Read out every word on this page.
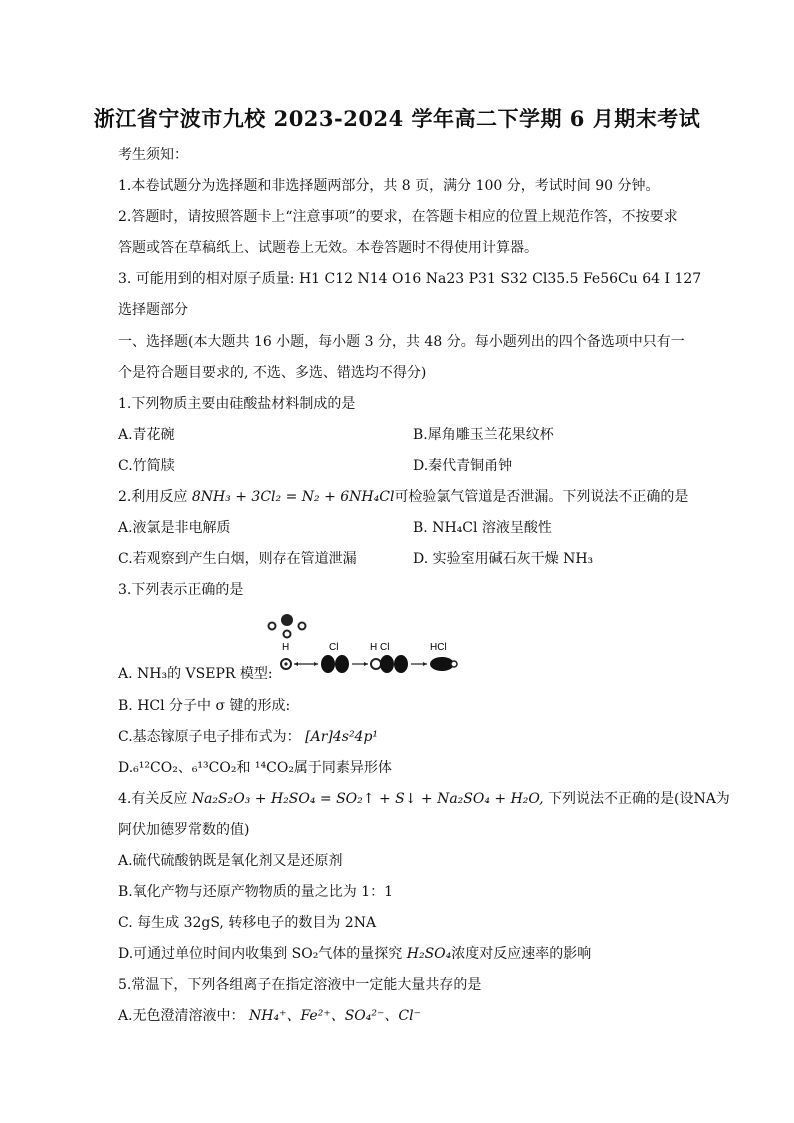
浙江省宁波市九校 2023-2024 学年高二下学期 6 月期末考试
考生须知：
1.本卷试题分为选择题和非选择题两部分，共 8 页，满分 100 分，考试时间 90 分钟。
2.答题时，请按照答题卡上“注意事项”的要求，在答题卡相应的位置上规范作答，不按要求
答题或答在草稿纸上、试题卷上无效。本卷答题时不得使用计算器。
3. 可能用到的相对原子质量: H1 C12 N14 O16 Na23 P31 S32 Cl35.5 Fe56Cu 64 I 127
选择题部分
一、选择题(本大题共 16 小题，每小题 3 分，共 48 分。每小题列出的四个备选项中只有一
个是符合题目要求的, 不选、多选、错选均不得分)
1.下列物质主要由硅酸盐材料制成的是
A.青花碗	B.犀角雕玉兰花果纹杯
C.竹简牍	D.秦代青铜甬钟
2.利用反应 8NH₃ + 3Cl₂ = N₂ + 6NH₄Cl可检验氯气管道是否泄漏。下列说法不正确的是
A.液氯是非电解质	B. NH₄Cl 溶液呈酸性
C.若观察到产生白烟，则存在管道泄漏	D. 实验室用碱石灰干燥 NH₃
3.下列表示正确的是
H	Cl	H Cl	HCl
A. NH₃的 VSEPR 模型:
B. HCl 分子中 σ 键的形成:
C.基态镓原子电子排布式为： [Ar]4s²4p¹
D.₆¹²CO₂、₆¹³CO₂和 ¹⁴CO₂属于同素异形体
4.有关反应 Na₂S₂O₃ + H₂SO₄ = SO₂↑ + S↓ + Na₂SO₄ + H₂O, 下列说法不正确的是(设NA为
阿伏加德罗常数的值)
A.硫代硫酸钠既是氧化剂又是还原剂
B.氧化产物与还原产物物质的量之比为 1：1
C. 每生成 32gS, 转移电子的数目为 2NA
D.可通过单位时间内收集到 SO₂气体的量探究 H₂SO₄浓度对反应速率的影响
5.常温下，下列各组离子在指定溶液中一定能大量共存的是
A.无色澄清溶液中： NH₄⁺、Fe²⁺、SO₄²⁻、Cl⁻
